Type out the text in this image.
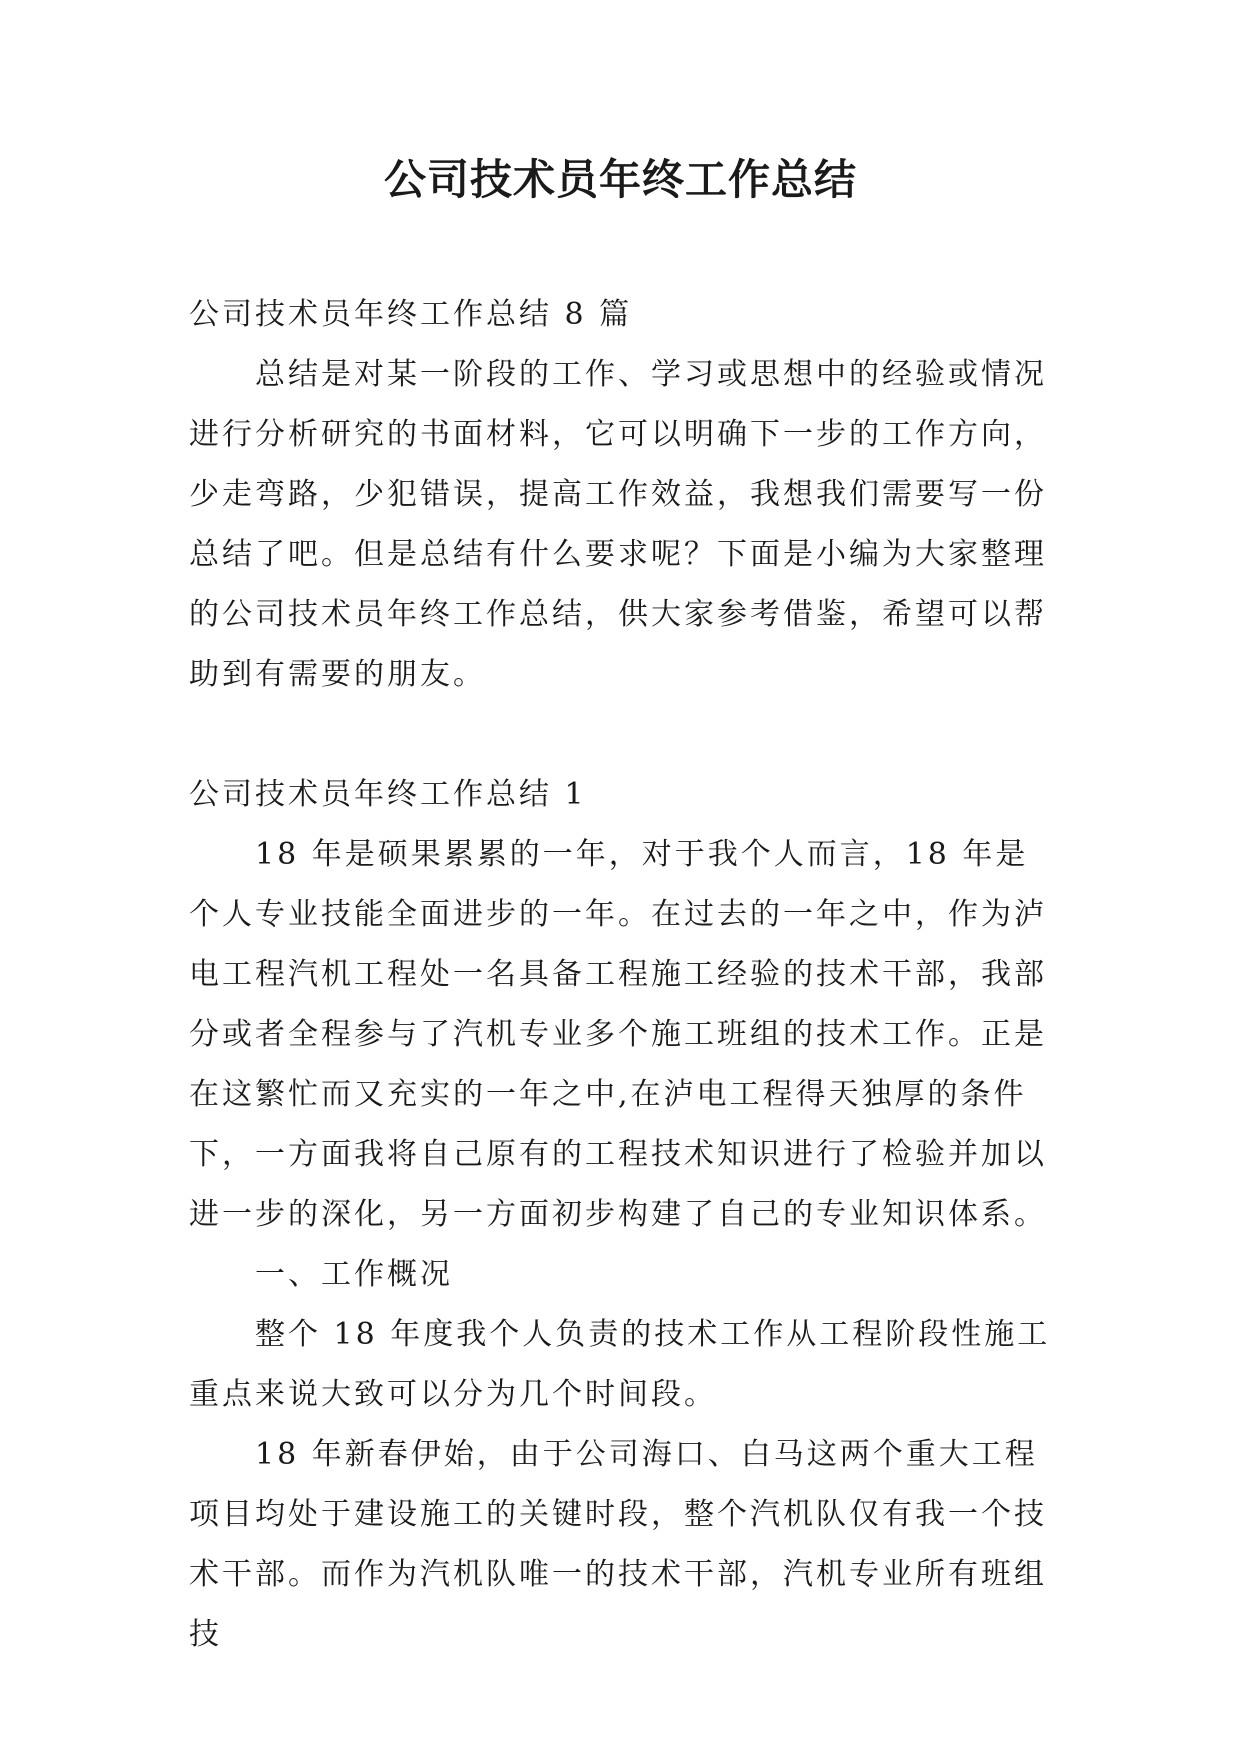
公司技术员年终工作总结

公司技术员年终工作总结 8 篇

总结是对某一阶段的工作、学习或思想中的经验或情况进行分析研究的书面材料，它可以明确下一步的工作方向，少走弯路，少犯错误，提高工作效益，我想我们需要写一份总结了吧。但是总结有什么要求呢？下面是小编为大家整理的公司技术员年终工作总结，供大家参考借鉴，希望可以帮助到有需要的朋友。

公司技术员年终工作总结 1

18 年是硕果累累的一年，对于我个人而言，18 年是个人专业技能全面进步的一年。在过去的一年之中，作为泸电工程汽机工程处一名具备工程施工经验的技术干部，我部分或者全程参与了汽机专业多个施工班组的技术工作。正是在这繁忙而又充实的一年之中,在泸电工程得天独厚的条件下，一方面我将自己原有的工程技术知识进行了检验并加以进一步的深化，另一方面初步构建了自己的专业知识体系。

一、工作概况

整个 18 年度我个人负责的技术工作从工程阶段性施工重点来说大致可以分为几个时间段。

18 年新春伊始，由于公司海口、白马这两个重大工程项目均处于建设施工的关键时段，整个汽机队仅有我一个技术干部。而作为汽机队唯一的技术干部，汽机专业所有班组技
